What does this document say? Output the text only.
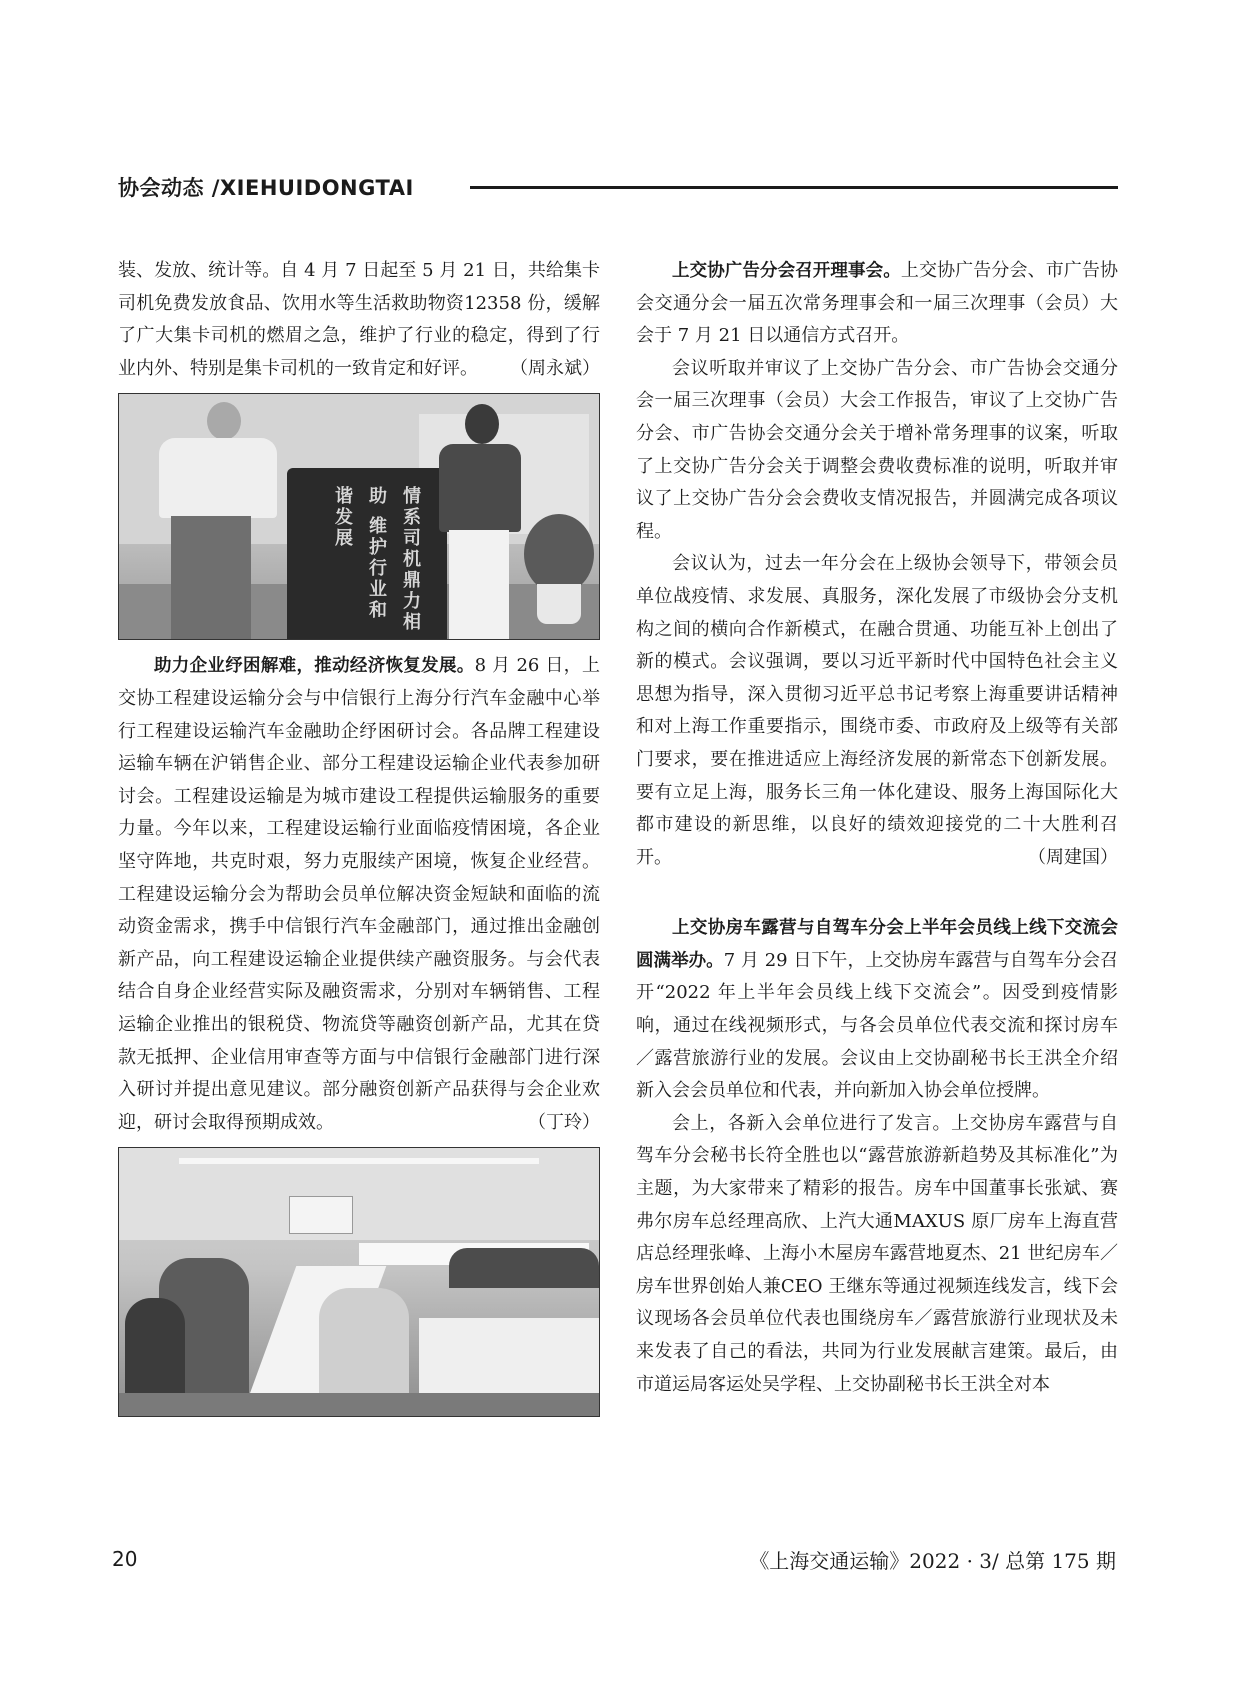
协会动态 /XIEHUIDONGTAI

装、发放、统计等。自 4 月 7 日起至 5 月 21 日，共给集卡司机免费发放食品、饮用水等生活救助物资12358 份，缓解了广大集卡司机的燃眉之急，维护了行业的稳定，得到了行业内外、特别是集卡司机的一致肯定和好评。 （周永斌）

情系司机鼎力相助 维护行业和谐发展

助力企业纾困解难，推动经济恢复发展。8 月 26 日，上交协工程建设运输分会与中信银行上海分行汽车金融中心举行工程建设运输汽车金融助企纾困研讨会。各品牌工程建设运输车辆在沪销售企业、部分工程建设运输企业代表参加研讨会。工程建设运输是为城市建设工程提供运输服务的重要力量。今年以来，工程建设运输行业面临疫情困境，各企业坚守阵地，共克时艰，努力克服续产困境，恢复企业经营。工程建设运输分会为帮助会员单位解决资金短缺和面临的流动资金需求，携手中信银行汽车金融部门，通过推出金融创新产品，向工程建设运输企业提供续产融资服务。与会代表结合自身企业经营实际及融资需求，分别对车辆销售、工程运输企业推出的银税贷、物流贷等融资创新产品，尤其在贷款无抵押、企业信用审查等方面与中信银行金融部门进行深入研讨并提出意见建议。部分融资创新产品获得与会企业欢迎，研讨会取得预期成效。	（丁玲）

上交协广告分会召开理事会。上交协广告分会、市广告协会交通分会一届五次常务理事会和一届三次理事（会员）大会于 7 月 21 日以通信方式召开。

会议听取并审议了上交协广告分会、市广告协会交通分会一届三次理事（会员）大会工作报告，审议了上交协广告分会、市广告协会交通分会关于增补常务理事的议案，听取了上交协广告分会关于调整会费收费标准的说明，听取并审议了上交协广告分会会费收支情况报告，并圆满完成各项议程。

会议认为，过去一年分会在上级协会领导下，带领会员单位战疫情、求发展、真服务，深化发展了市级协会分支机构之间的横向合作新模式，在融合贯通、功能互补上创出了新的模式。会议强调，要以习近平新时代中国特色社会主义思想为指导，深入贯彻习近平总书记考察上海重要讲话精神和对上海工作重要指示，围绕市委、市政府及上级等有关部门要求，要在推进适应上海经济发展的新常态下创新发展。要有立足上海，服务长三角一体化建设、服务上海国际化大都市建设的新思维，以良好的绩效迎接党的二十大胜利召开。	（周建国）

上交协房车露营与自驾车分会上半年会员线上线下交流会圆满举办。7 月 29 日下午，上交协房车露营与自驾车分会召开“2022 年上半年会员线上线下交流会”。因受到疫情影响，通过在线视频形式，与各会员单位代表交流和探讨房车／露营旅游行业的发展。会议由上交协副秘书长王洪全介绍新入会会员单位和代表，并向新加入协会单位授牌。

会上，各新入会单位进行了发言。上交协房车露营与自驾车分会秘书长符全胜也以“露营旅游新趋势及其标准化”为主题，为大家带来了精彩的报告。房车中国董事长张斌、赛弗尔房车总经理高欣、上汽大通MAXUS 原厂房车上海直营店总经理张峰、上海小木屋房车露营地夏杰、21 世纪房车／房车世界创始人兼CEO 王继东等通过视频连线发言，线下会议现场各会员单位代表也围绕房车／露营旅游行业现状及未来发表了自己的看法，共同为行业发展献言建策。最后，由市道运局客运处吴学程、上交协副秘书长王洪全对本

20	《上海交通运输》2022 · 3/ 总第 175 期
